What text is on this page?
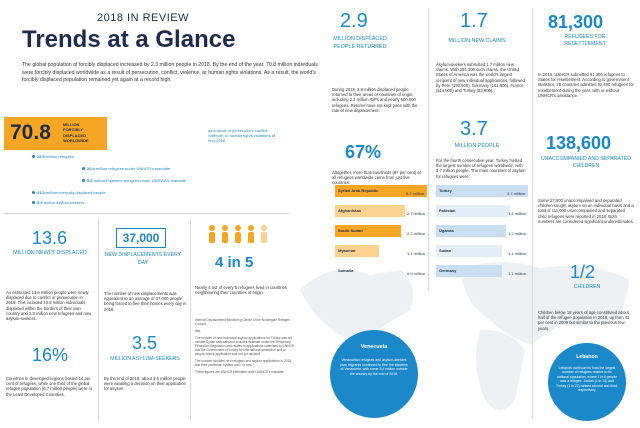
2018 IN REVIEW
Trends at a Glance
The global population of forcibly displaced increased by 2.3 million people in 2018. By the end of the year, 70.8 million individuals were forcibly displaced worldwide as a result of persecution, conflict, violence, or human rights violations. As a result, the world's forcibly displaced population remained yet again at a record high.
70.8	MILLION
FORCIBLY
DISPLACED
WORLDWIDE
as a result of persecution, conflict, violence, or human rights violations at end-2018
25.9 million refugees
20.4 million refugees under UNHCR's mandate
5.5 million Palestine refugees under UNRWA's mandate
41.3 million internally displaced people
3.5 million asylum-seekers
13.6
MILLION NEWLY DISPLACED
An estimated 13.6 million people were newly displaced due to conflict or persecution in 2018. This included 10.8 million individuals displaced within the borders of their own country and 2.8 million new refugees and new asylum-seekers.
16%
Countries in developed regions hosted 16 per cent of refugees, while one third of the global refugee population (6.7 million people) were in the Least Developed Countries.
37,000
NEW DISPLACEMENTS EVERY DAY
The number of new displacements was equivalent to an average of 37,000 people being forced to flee their homes every day in 2018.
3.5
MILLION ASYLUM-SEEKERS
By the end of 2018, about 3.5 million people were awaiting a decision on their application for asylum.
4 in 5
Nearly 4 out of every 5 refugees lived in countries neighbouring their countries of origin.
Internal Displacement Monitoring Centre of the Norwegian Refugee Council.
Ibid.
The number of new individual asylum applications for Turkey was not include Syrian nationals and includes estimate under the Temporary Protection Regulation and relates to applications submitted to UNHCR and the Government of Turkey for international protection and to people whose application was not yet decided.
The number includes new refugees and asylum applications in 2018 and their protection system and / or new.
These figures are UNHCR estimates under UNHCR's mandate.
2.9
MILLION DISPLACED PEOPLE RETURNED
During 2018, 2.9 million displaced people returned to their areas or countries of origin, including 2.3 million IDPs and nearly 600,000 refugees. Returns have not kept pace with the rate of new displacement.
67%
Altogether, more than two-thirds (67 per cent) of all refugees worldwide came from just five countries:
Syrian Arab Republic
6.7 million
Afghanistan
2.7 million
South Sudan
2.3 million
Myanmar
1.1 million
Somalia
0.9 million
1.7
MILLION NEW CLAIMS
Asylum-seekers submitted 1.7 million new claims. With 254,300 such claims, the United States of America was the world's largest recipient of new individual applications, followed by Peru (192,500), Germany (161,900), France (114,500) and Turkey (83,800).
3.7
MILLION PEOPLE
For the fourth consecutive year, Turkey hosted the largest number of refugees worldwide, with 3.7 million people. The main countries of asylum for refugees were:
Turkey
3.7 million
Pakistan
1.4 million
Uganda
1.2 million
Sudan
1.1 million
Germany
1.1 million
81,300
REFUGEES FOR RESETTLEMENT
In 2018, UNHCR submitted 81,300 refugees to States for resettlement. According to government statistics, 25 countries admitted 92,400 refugees for resettlement during the year, with or without UNHCR's assistance.
138,600
UNACCOMPANIED AND SEPARATED CHILDREN
Some 27,600 unaccompanied and separated children sought asylum on an individual basis and a total of 111,000 unaccompanied and separated child refugees were reported in 2018. Both numbers are considered significant underestimates.
1/2
CHILDREN
Children below 18 years of age constituted about half of the refugee population in 2018, up from 41 per cent in 2009 but similar to the previous few years.
Venezuela
Venezuelan refugees and asylum-seekers plus migrants continued to flee the situation of Venezuela, with some 3.4 million outside the country by the end of 2018.
Lebanon
Lebanon continued to host the largest number of refugees relative to its national population, where 1 in 6 people was a refugee. Jordan (1 in 14) and Turkey (1 in 22) ranked second and third, respectively.
